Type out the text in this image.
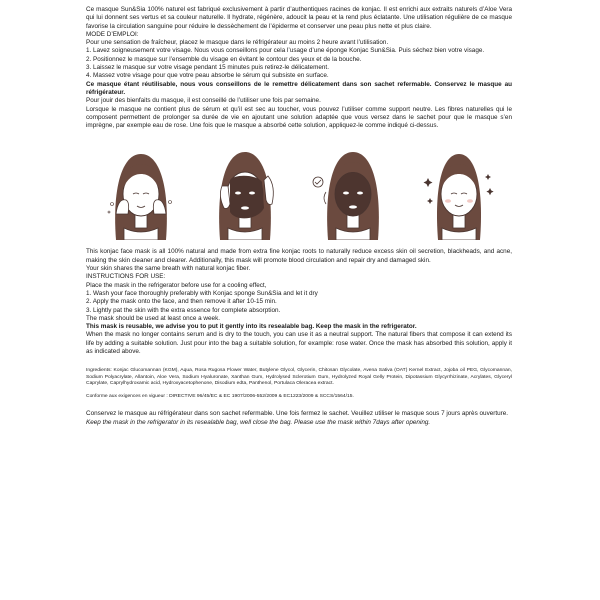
Ce masque Sun&Sia 100% naturel est fabriqué exclusivement à partir d’authentiques racines de konjac. Il est enrichi aux extraits naturels d’Aloe Vera qui lui donnent ses vertus et sa couleur naturelle. Il hydrate, régénère, adoucit la peau et la rend plus éclatante. Une utilisation régulière de ce masque favorise la circulation sanguine pour réduire le dessèchement de l’épiderme et conserver une peau plus nette et plus claire.

MODE D’EMPLOI:

Pour une sensation de fraîcheur, placez le masque dans le réfrigérateur au moins 2 heure avant l’utilisation.

1. Lavez soigneusement votre visage. Nous vous conseillons pour cela l’usage d’une éponge Konjac Sun&Sia. Puis séchez bien votre visage.

2. Positionnez le masque sur l’ensemble du visage en évitant le contour des yeux et de la bouche.

3. Laissez le masque sur votre visage pendant 15 minutes puis retirez-le délicatement.

4. Massez votre visage pour que votre peau absorbe le sérum qui subsiste en surface.

Ce masque étant réutilisable, nous vous conseillons de le remettre délicatement dans son sachet refermable. Conservez le masque au réfrigérateur.

Pour jouir des bienfaits du masque, il est conseillé de l’utiliser une fois par semaine.

Lorsque le masque ne contient plus de sérum et qu’il est sec au toucher, vous pouvez l’utiliser comme support neutre. Les fibres naturelles qui le composent permettent de prolonger sa durée de vie en ajoutant une solution adaptée que vous versez dans le sachet pour que le masque s’en imprègne, par exemple eau de rose. Une fois que le masque a absorbé cette solution, appliquez-le comme indiqué ci-dessus.

This konjac face mask is all 100% natural and made from extra fine konjac roots to naturally reduce excess skin oil secretion, blackheads, and acne, making the skin cleaner and clearer. Additionally, this mask will promote blood circulation and repair dry and damaged skin.

Your skin shares the same breath with natural konjac fiber.

INSTRUCTIONS FOR USE:

Place the mask in the refrigerator before use for a cooling effect,

1. Wash your face thoroughly preferably with Konjac sponge Sun&Sia and let it dry

2. Apply the mask onto the face, and then remove it after 10-15 min.

3. Lightly pat the skin with the extra essence for complete absorption.

The mask should be used at least once a week.

This mask is reusable, we advise you to put it gently into its resealable bag. Keep the mask in the refrigerator.

When the mask no longer contains serum and is dry to the touch, you can use it as a neutral support. The natural fibers that compose it can extend its life by adding a suitable solution. Just pour into the bag a suitable solution, for example: rose water. Once the mask has absorbed this solution, apply it as indicated above.

Ingredients: Konjac Glucomannan (KGM), Aqua, Rosa Rugosa Flower Water, Butylene Glycol, Glycerin, Chitosan Glycolate, Avena Sativa (OAT) Kernel Extract, Jojoba oil PEG, Glycomannan, Sodium Polyacrylate, Allantoin, Aloe Vera, Sodium Hyaluronate, Xanthan Gum, Hydrolysed Sclerotium Gum, Hydrolyzed Royal Gelly Protein, Dipotassium Glycyrrhizinate, Acrylates, Glyceryl Caprylate, Caprylhydroxamic acid, Hydroxyacetophenone, Disodium edta, Panthenol, Portulaca Oleracea extract.

Conforme aux exigences en vigueur : DIRECTIVE 96/45/EC & EC 1907/2006-552/2009 & EC1223/2009 & SCCS/1564/15.

Conservez le masque au réfrigérateur dans son sachet refermable. Une fois fermez le sachet. Veuillez utiliser le masque sous 7 jours après ouverture.

Keep the mask in the refrigerator in its resealable bag, well close the bag. Please use the mask within 7days after opening.
